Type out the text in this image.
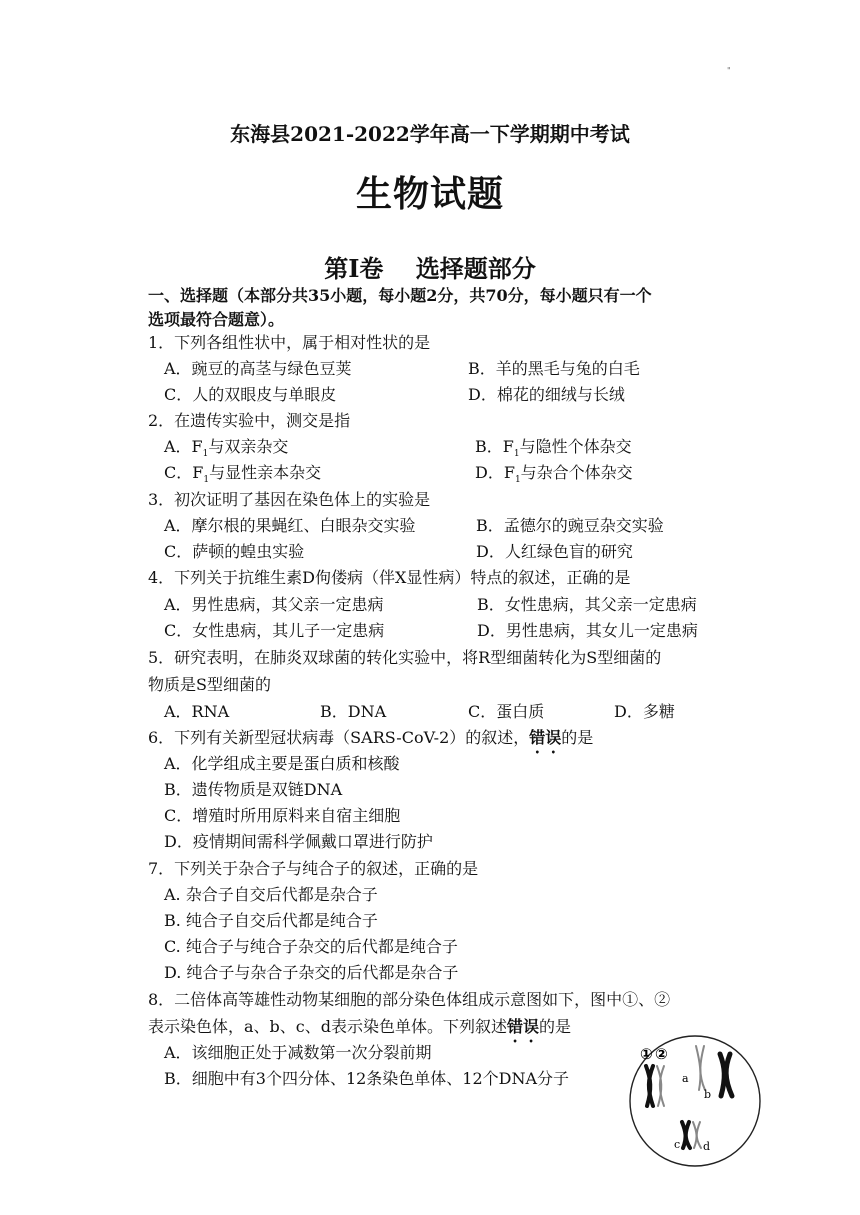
"
东海县2021-2022学年高一下学期期中考试
生物试题
第Ⅰ卷　 选择题部分
一、选择题（本部分共35小题，每小题2分，共70分，每小题只有一个
选项最符合题意）。
1．下列各组性状中，属于相对性状的是
A．豌豆的高茎与绿色豆荚	B．羊的黑毛与兔的白毛
C．人的双眼皮与单眼皮	D．棉花的细绒与长绒
2．在遗传实验中，测交是指
A．$F_1$与双亲杂交	B．$F_1$与隐性个体杂交
C．$F_1$与显性亲本杂交	D．$F_1$与杂合个体杂交
3．初次证明了基因在染色体上的实验是
A．摩尔根的果蝇红、白眼杂交实验	B．孟德尔的豌豆杂交实验
C．萨顿的蝗虫实验	D．人红绿色盲的研究
4．下列关于抗维生素D佝偻病（伴X显性病）特点的叙述，正确的是
A．男性患病，其父亲一定患病	B．女性患病，其父亲一定患病
C．女性患病，其儿子一定患病	D．男性患病，其女儿一定患病
5．研究表明，在肺炎双球菌的转化实验中，将R型细菌转化为S型细菌的
物质是S型细菌的
A．RNA	B．DNA	C．蛋白质	D．多糖
6．下列有关新型冠状病毒（SARS-CoV-2）的叙述，错误的是
A．化学组成主要是蛋白质和核酸
B．遗传物质是双链DNA
C．增殖时所用原料来自宿主细胞
D．疫情期间需科学佩戴口罩进行防护
7．下列关于杂合子与纯合子的叙述，正确的是
A. 杂合子自交后代都是杂合子
B. 纯合子自交后代都是纯合子
C. 纯合子与纯合子杂交的后代都是纯合子
D. 纯合子与杂合子杂交的后代都是杂合子
8．二倍体高等雄性动物某细胞的部分染色体组成示意图如下，图中①、②
表示染色体，a、b、c、d表示染色单体。下列叙述错误的是
A．该细胞正处于减数第一次分裂前期
B．细胞中有3个四分体、12条染色单体、12个DNA分子
① ②
a
b
c d
